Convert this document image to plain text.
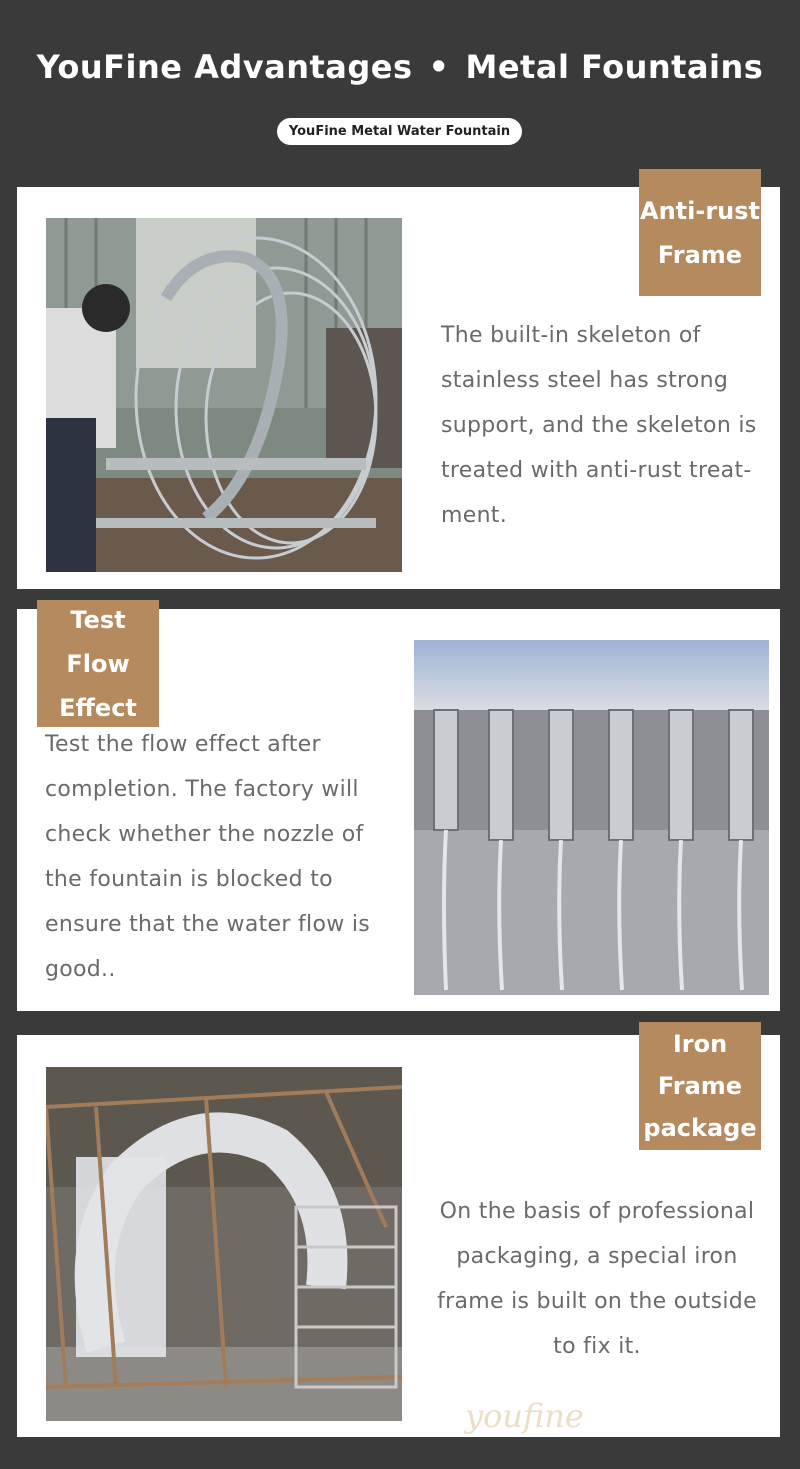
YouFine Advantages • Metal Fountains
YouFine Metal Water Fountain
Anti-rust
Frame
The built-in skeleton of
stainless steel has strong
support, and the skeleton is
treated with anti-rust treat-
ment.
Test Flow
Effect
Test the flow effect after
completion. The factory will
check whether the nozzle of
the fountain is blocked to
ensure that the water flow is
good..
Iron
Frame
package
On the basis of professional
packaging, a special iron
frame is built on the outside
to fix it.
youfine
